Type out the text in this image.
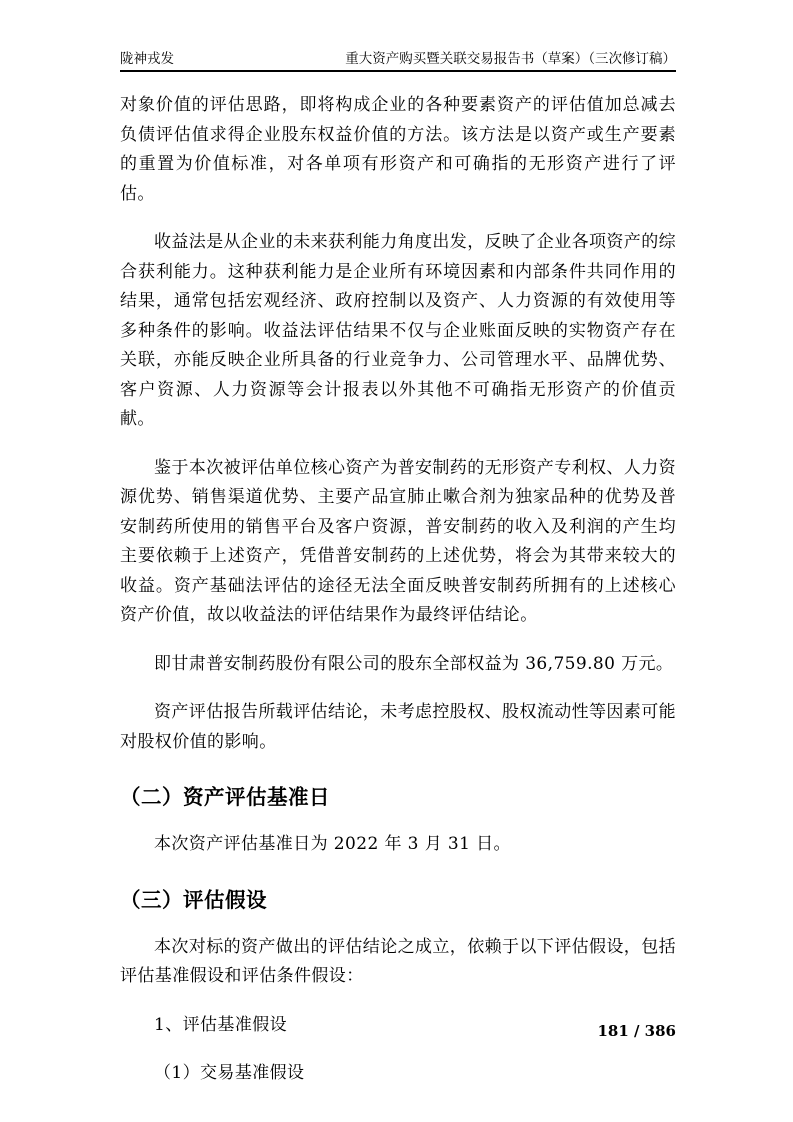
陇神戎发	重大资产购买暨关联交易报告书（草案）（三次修订稿）

对象价值的评估思路，即将构成企业的各种要素资产的评估值加总减去负债评估值求得企业股东权益价值的方法。该方法是以资产或生产要素的重置为价值标准，对各单项有形资产和可确指的无形资产进行了评估。

收益法是从企业的未来获利能力角度出发，反映了企业各项资产的综合获利能力。这种获利能力是企业所有环境因素和内部条件共同作用的结果，通常包括宏观经济、政府控制以及资产、人力资源的有效使用等多种条件的影响。收益法评估结果不仅与企业账面反映的实物资产存在关联，亦能反映企业所具备的行业竞争力、公司管理水平、品牌优势、客户资源、人力资源等会计报表以外其他不可确指无形资产的价值贡献。

鉴于本次被评估单位核心资产为普安制药的无形资产专利权、人力资源优势、销售渠道优势、主要产品宣肺止嗽合剂为独家品种的优势及普安制药所使用的销售平台及客户资源，普安制药的收入及利润的产生均主要依赖于上述资产，凭借普安制药的上述优势，将会为其带来较大的收益。资产基础法评估的途径无法全面反映普安制药所拥有的上述核心资产价值，故以收益法的评估结果作为最终评估结论。

即甘肃普安制药股份有限公司的股东全部权益为 36,759.80 万元。

资产评估报告所载评估结论，未考虑控股权、股权流动性等因素可能对股权价值的影响。

（二）资产评估基准日

本次资产评估基准日为 2022 年 3 月 31 日。

（三）评估假设

本次对标的资产做出的评估结论之成立，依赖于以下评估假设，包括评估基准假设和评估条件假设：

1、评估基准假设

（1）交易基准假设

181 / 386
